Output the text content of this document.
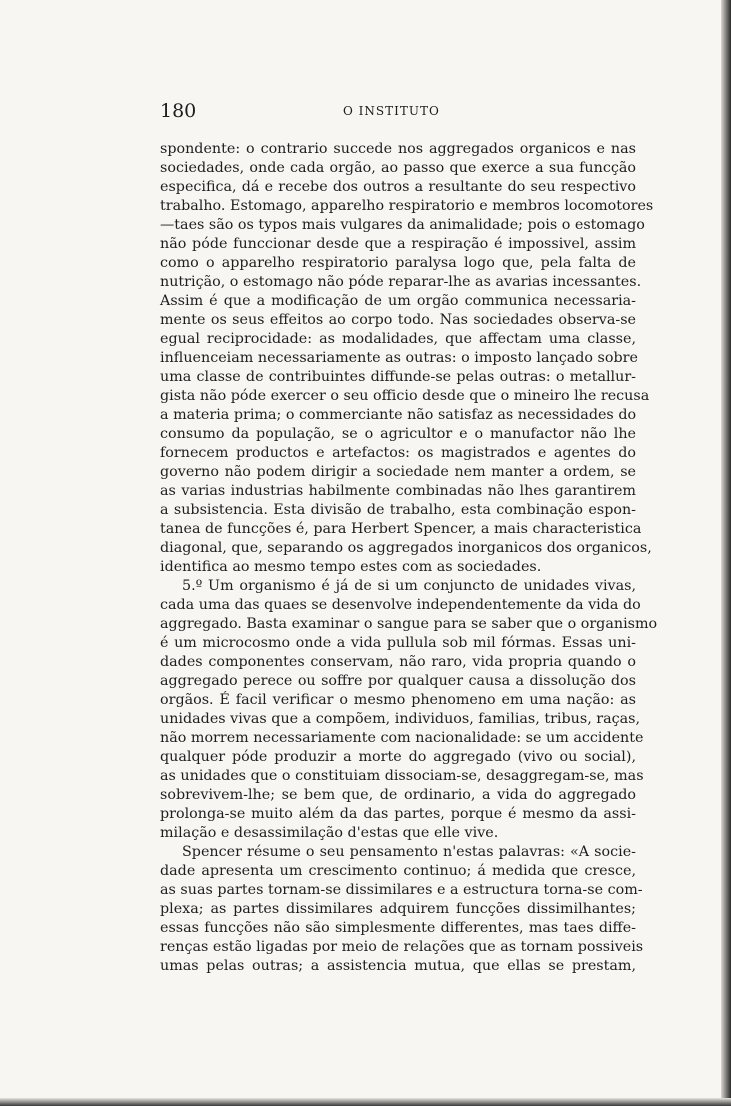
180	O INSTITUTO
spondente: o contrario succede nos aggregados organicos e nas
sociedades, onde cada orgão, ao passo que exerce a sua funcção
especifica, dá e recebe dos outros a resultante do seu respectivo
trabalho. Estomago, apparelho respiratorio e membros locomotores
—taes são os typos mais vulgares da animalidade; pois o estomago
não póde funccionar desde que a respiração é impossivel, assim
como o apparelho respiratorio paralysa logo que, pela falta de
nutrição, o estomago não póde reparar-lhe as avarias incessantes.
Assim é que a modificação de um orgão communica necessaria-
mente os seus effeitos ao corpo todo. Nas sociedades observa-se
egual reciprocidade: as modalidades, que affectam uma classe,
influenceiam necessariamente as outras: o imposto lançado sobre
uma classe de contribuintes diffunde-se pelas outras: o metallur-
gista não póde exercer o seu officio desde que o mineiro lhe recusa
a materia prima; o commerciante não satisfaz as necessidades do
consumo da população, se o agricultor e o manufactor não lhe
fornecem productos e artefactos: os magistrados e agentes do
governo não podem dirigir a sociedade nem manter a ordem, se
as varias industrias habilmente combinadas não lhes garantirem
a subsistencia. Esta divisão de trabalho, esta combinação espon-
tanea de funcções é, para Herbert Spencer, a mais characteristica
diagonal, que, separando os aggregados inorganicos dos organicos,
identifica ao mesmo tempo estes com as sociedades.
5.º Um organismo é já de si um conjuncto de unidades vivas,
cada uma das quaes se desenvolve independentemente da vida do
aggregado. Basta examinar o sangue para se saber que o organismo
é um microcosmo onde a vida pullula sob mil fórmas. Essas uni-
dades componentes conservam, não raro, vida propria quando o
aggregado perece ou soffre por qualquer causa a dissolução dos
orgãos. É facil verificar o mesmo phenomeno em uma nação: as
unidades vivas que a compõem, individuos, familias, tribus, raças,
não morrem necessariamente com nacionalidade: se um accidente
qualquer póde produzir a morte do aggregado (vivo ou social),
as unidades que o constituiam dissociam-se, desaggregam-se, mas
sobrevivem-lhe; se bem que, de ordinario, a vida do aggregado
prolonga-se muito além da das partes, porque é mesmo da assi-
milação e desassimilação d'estas que elle vive.
Spencer résume o seu pensamento n'estas palavras: «A socie-
dade apresenta um crescimento continuo; á medida que cresce,
as suas partes tornam-se dissimilares e a estructura torna-se com-
plexa; as partes dissimilares adquirem funcções dissimilhantes;
essas funcções não são simplesmente differentes, mas taes diffe-
renças estão ligadas por meio de relações que as tornam possiveis
umas pelas outras; a assistencia mutua, que ellas se prestam,
